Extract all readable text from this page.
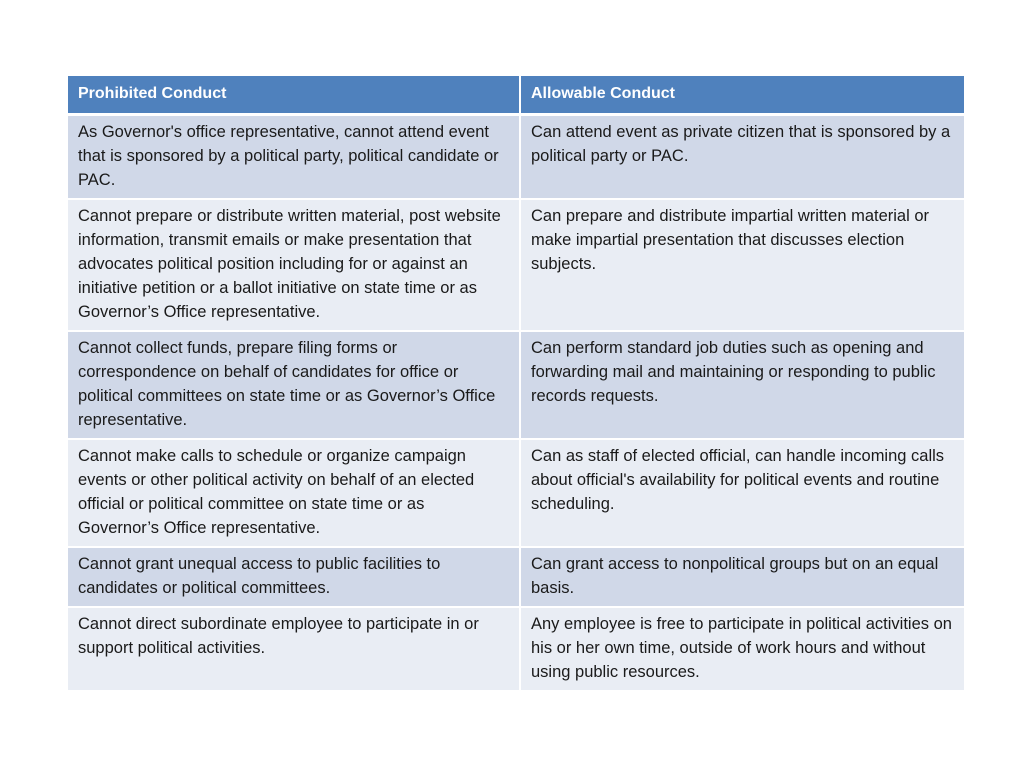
Prohibited Conduct	Allowable Conduct
As Governor's office representative, cannot attend event that is sponsored by a political party, political candidate or PAC.	Can attend event as private citizen that is sponsored by a political party or PAC.
Cannot prepare or distribute written material, post website information, transmit emails or make presentation that advocates political position including for or against an initiative petition or a ballot initiative on state time or as Governor’s Office representative.	Can prepare and distribute impartial written material or make impartial presentation that discusses election subjects.
Cannot collect funds, prepare filing forms or correspondence on behalf of candidates for office or political committees on state time or as Governor’s Office representative.	Can perform standard job duties such as opening and forwarding mail and maintaining or responding to public records requests.
Cannot make calls to schedule or organize campaign events or other political activity on behalf of an elected official or political committee on state time or as Governor’s Office representative.	Can as staff of elected official, can handle incoming calls about official's availability for political events and routine scheduling.
Cannot grant unequal access to public facilities to candidates or political committees.	Can grant access to nonpolitical groups but on an equal basis.
Cannot direct subordinate employee to participate in or support political activities.	Any employee is free to participate in political activities on his or her own time, outside of work hours and without using public resources.
